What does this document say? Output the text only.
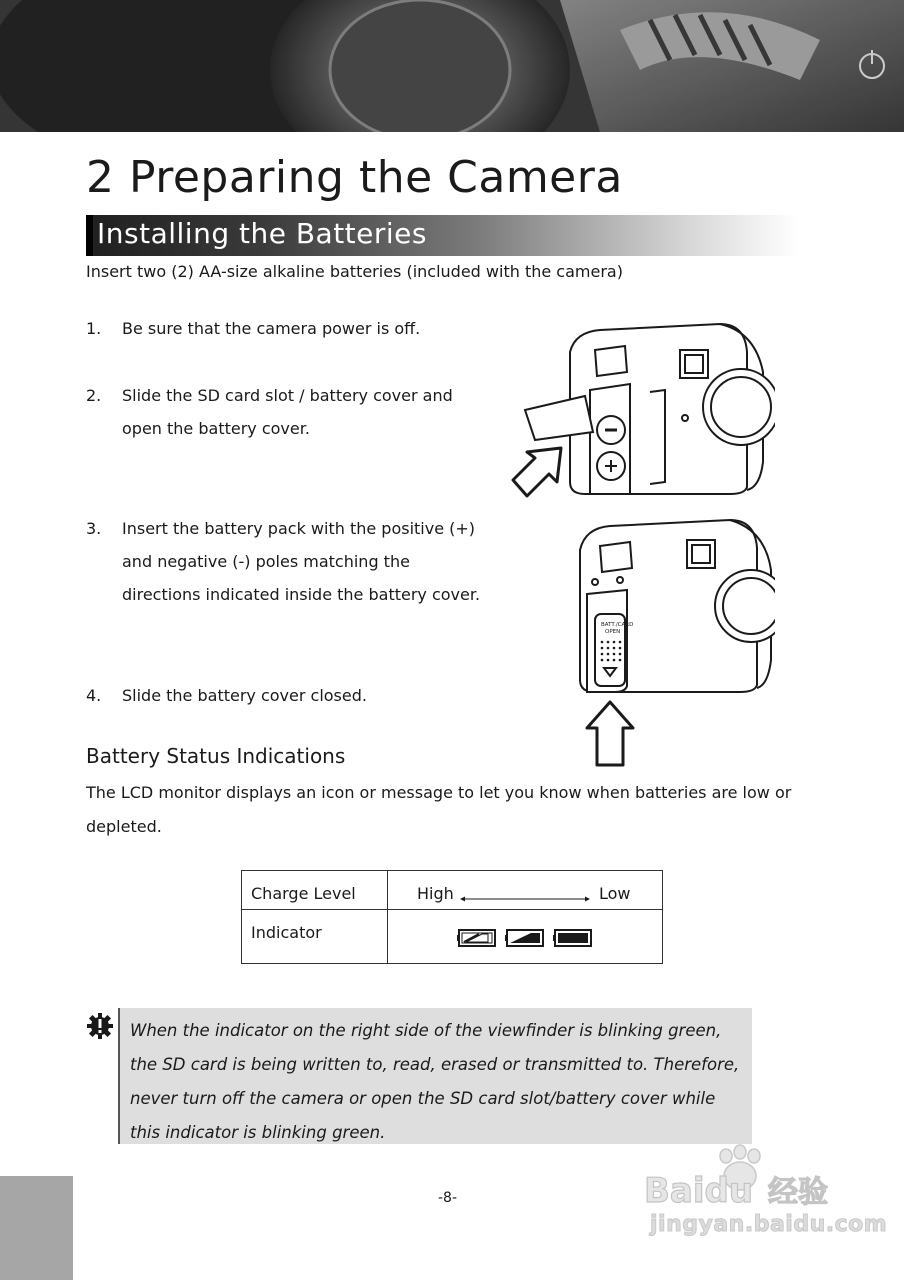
2 Preparing the Camera
Installing the Batteries

Insert two (2) AA-size alkaline batteries (included with the camera)

1. Be sure that the camera power is off.
2. Slide the SD card slot / battery cover and
open the battery cover.
3. Insert the battery pack with the positive (+)
and negative (-) poles matching the
directions indicated inside the battery cover.
4. Slide the battery cover closed.
BATT./CARD
OPEN
Battery Status Indications

The LCD monitor displays an icon or message to let you know when batteries are low or depleted.

Charge Level	High	Low
Indicator

When the indicator on the right side of the viewfinder is blinking green, the SD card is being written to, read, erased or transmitted to. Therefore, never turn off the camera or open the SD card slot/battery cover while this indicator is blinking green.

-8-	Baidu 经验
jingyan.baidu.com
